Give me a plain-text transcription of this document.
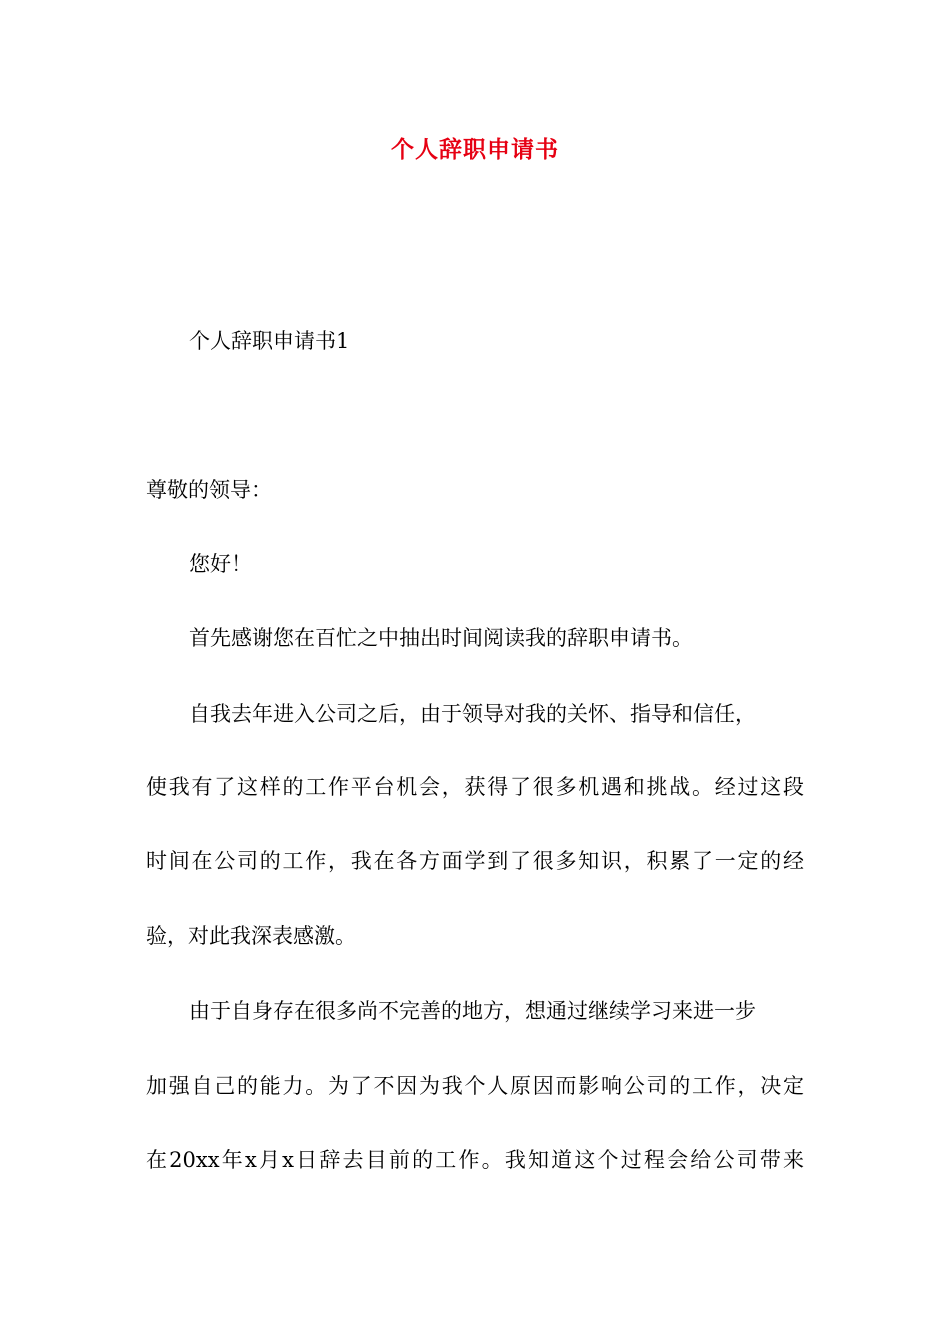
个人辞职申请书
个人辞职申请书1
尊敬的领导：
您好！
首先感谢您在百忙之中抽出时间阅读我的辞职申请书。
自我去年进入公司之后，由于领导对我的关怀、指导和信任，
使我有了这样的工作平台机会，获得了很多机遇和挑战。经过这段
时间在公司的工作，我在各方面学到了很多知识，积累了一定的经
验，对此我深表感激。
由于自身存在很多尚不完善的地方，想通过继续学习来进一步
加强自己的能力。为了不因为我个人原因而影响公司的工作，决定
在20xx年x月x日辞去目前的工作。我知道这个过程会给公司带来
